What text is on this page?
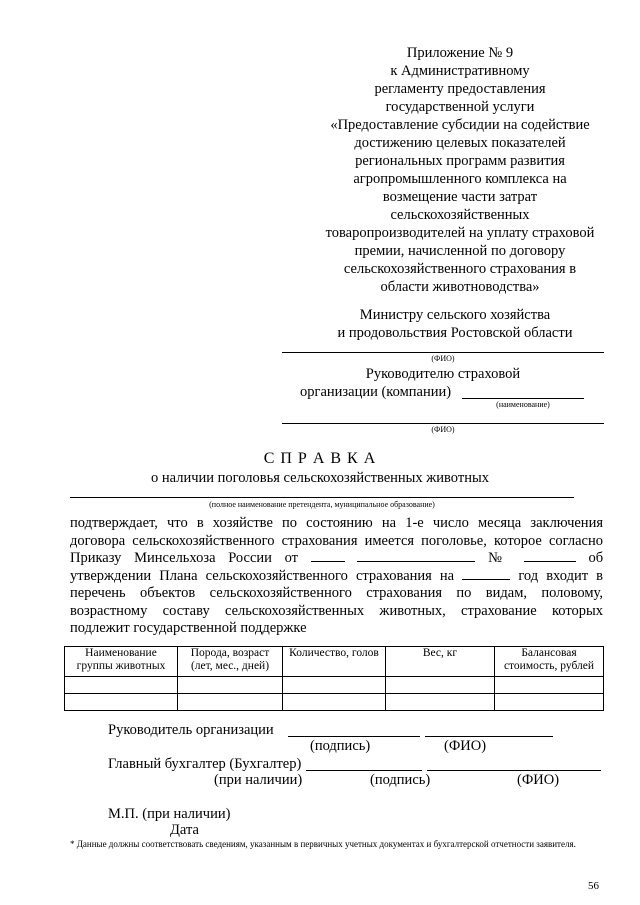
Приложение № 9
к Административному
регламенту предоставления
государственной услуги
«Предоставление субсидии на содействие
достижению целевых показателей
региональных программ развития
агропромышленного комплекса на
возмещение части затрат
сельскохозяйственных
товаропроизводителей на уплату страховой
премии, начисленной по договору
сельскохозяйственного страхования в
области животноводства»
Министру сельского хозяйства
и продовольствия Ростовской области
(ФИО)
Руководителю страховой
организации (компании)
(наименование)
(ФИО)
С П Р А В К А
о наличии поголовья сельскохозяйственных животных
(полное наименование претендента, муниципальное образование)
подтверждает, что в хозяйстве по состоянию на 1-е число месяца заключения договора сельскохозяйственного страхования имеется поголовье, которое согласно Приказу Минсельхоза России от	№	об утверждении Плана сельскохозяйственного страхования на	год входит в перечень объектов сельскохозяйственного страхования по видам, половому, возрастному составу сельскохозяйственных животных, страхование которых подлежит государственной поддержке
Наименование группы животных	Порода, возраст (лет, мес., дней)	Количество, голов	Вес, кг	Балансовая стоимость, рублей

Руководитель организации
(подпись)	(ФИО)
Главный бухгалтер (Бухгалтер)
(при наличии)	(подпись)	(ФИО)
М.П. (при наличии)
Дата
* Данные должны соответствовать сведениям, указанным в первичных учетных документах и бухгалтерской отчетности заявителя.
56
